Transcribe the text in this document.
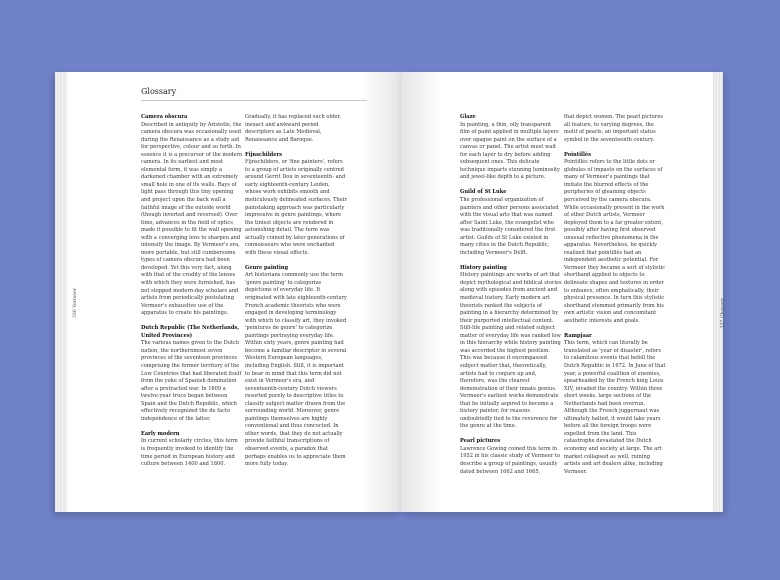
Glossary
336 Vermeer
Camera obscura

Described in antiquity by Aristotle, the camera obscura was occasionally used during the Renaissance as a study aid for perspective, colour and so forth. In essence it is a precursor of the modern camera. In its earliest and most elemental form, it was simply a darkened chamber with an extremely small hole in one of its walls. Rays of light pass through this tiny opening and project upon the back wall a faithful image of the outside world (though inverted and reversed). Over time, advances in the field of optics made it possible to fit the wall opening with a converging lens to sharpen and intensify the image. By Vermeer's era, more portable, but still cumbersome types of camera obscura had been developed. Yet this very fact, along with that of the crudity of the lenses with which they were furnished, has not stopped modern-day scholars and artists from periodically postulating Vermeer's exhaustive use of the apparatus to create his paintings.

Dutch Republic (The Netherlands, United Provinces)

The various names given to the Dutch nation, the northernmost seven provinces of the seventeen provinces comprising the former territory of the Low Countries that had liberated itself from the yoke of Spanish domination after a protracted war. In 1609 a twelve-year truce began between Spain and the Dutch Republic, which effectively recognized the de facto independence of the latter.

Early modern

In current scholarly circles, this term is frequently invoked to identify the time period in European history and culture between 1400 and 1800.

Gradually, it has replaced such older, inexact and awkward period descriptors as Late Medieval, Renaissance and Baroque.

Fijnschilders

Fijnschilders, or 'fine painters', refers to a group of artists originally centred around Gerrit Dou in seventeenth- and early eighteenth-century Leiden, whose work exhibits smooth and meticulously delineated surfaces. Their painstaking approach was particularly impressive in genre paintings, where the tiniest objects are rendered in astonishing detail. The term was actually coined by later generations of connoisseurs who were enchanted with these visual effects.

Genre painting

Art historians commonly use the term 'genre painting' to categorize depictions of everyday life. It originated with late eighteenth-century French academic theorists who were engaged in developing terminology with which to classify art, they invoked 'peintures de genre' to categorize paintings portraying everyday life. Within sixty years, genre painting had become a familiar descriptor in several Western European languages, including English. Still, it is important to bear in mind that this term did not exist in Vermeer's era, and seventeenth-century Dutch viewers resorted purely to descriptive titles to classify subject matter drawn from the surrounding world. Moreover, genre paintings themselves are highly conventional and thus concocted. In other words, that they do not actually provide faithful transcriptions of observed events, a paradox that perhaps enables us to appreciate them more fully today.

337 Glossary
Glaze

In painting, a thin, oily transparent film of paint applied in multiple layers over opaque paint on the surface of a canvas or panel. The artist must wait for each layer to dry before adding subsequent ones. This delicate technique imparts stunning luminosity and jewel-like depth to a picture.

Guild of St Luke

The professional organization of painters and other persons associated with the visual arts that was named after Saint Luke, the evangelist who was traditionally considered the first artist. Guilds of St Luke existed in many cities in the Dutch Republic, including Vermeer's Delft.

History painting

History paintings are works of art that depict mythological and biblical stories along with episodes from ancient and medieval history. Early modern art theorists ranked the subjects of painting in a hierarchy determined by their purported intellectual content. Still-life painting and related subject matter of everyday life was ranked low in this hierarchy while history painting was accorded the highest position. This was because it encompassed subject matter that, theoretically, artists had to conjure up and, therefore, was the clearest demonstration of their innate genius. Vermeer's earliest works demonstrate that he initially aspired to become a history painter, for reasons undoubtedly tied to the reverence for the genre at the time.

Pearl pictures

Lawrence Gowing coined this term in 1952 in his classic study of Vermeer to describe a group of paintings, usually dated between 1662 and 1665,

that depict women. The pearl pictures all feature, to varying degrees, the motif of pearls, an important status symbol in the seventeenth century.

Pointillés

Pointillés refers to the little dots or globules of impasto on the surfaces of many of Vermeer's paintings that imitate the blurred effects of the peripheries of gleaming objects perceived by the camera obscura. While occasionally present in the work of other Dutch artists, Vermeer deployed them to a far greater extent, possibly after having first observed unusual reflective phenomena in the apparatus. Nevertheless, he quickly realized that pointillés had an independent aesthetic potential. For Vermeer they became a sort of stylistic shorthand applied to objects to delineate shapes and textures in order to enhance, often emphatically, their physical presence. In turn this stylistic shorthand stemmed primarily from his own artistic vision and concomitant aesthetic interests and goals.

Rampjaar

This term, which can literally be translated as 'year of disaster', refers to calamitous events that befell the Dutch Republic in 1672. In June of that year, a powerful coalition of enemies, spearheaded by the French king Louis XIV, invaded the country. Within three short weeks, large sections of the Netherlands had been overrun. Although the French juggernaut was ultimately halted, it would take years before all the foreign troops were expelled from the land. This catastrophe devastated the Dutch economy and society at large. The art market collapsed as well, ruining artists and art dealers alike, including Vermeer.
